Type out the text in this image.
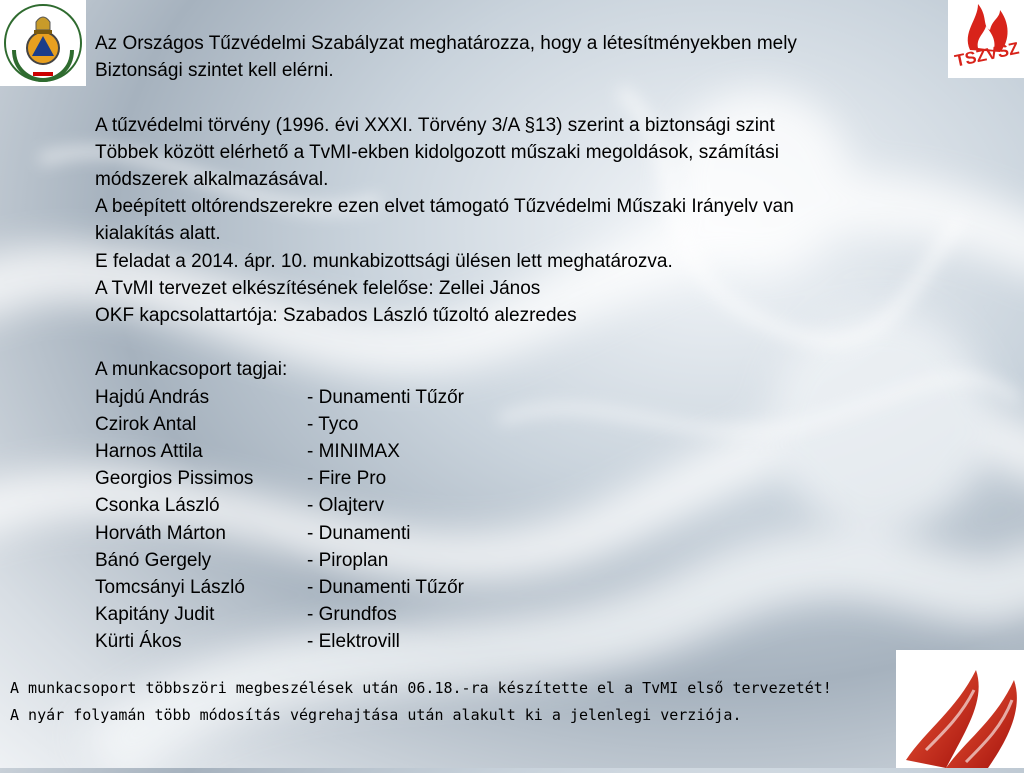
TSZVSZ

Az Országos Tűzvédelmi Szabályzat meghatározza, hogy a létesítményekben mely

Biztonsági szintet kell elérni.

A tűzvédelmi törvény (1996. évi XXXI. Törvény 3/A §13) szerint a biztonsági szint

Többek között elérhető a TvMI-ekben kidolgozott műszaki megoldások, számítási

módszerek alkalmazásával.

A beépített oltórendszerekre ezen elvet támogató Tűzvédelmi Műszaki Irányelv van

kialakítás alatt.

E feladat a 2014. ápr. 10. munkabizottsági ülésen lett meghatározva.

A TvMI tervezet elkészítésének felelőse: Zellei János

OKF kapcsolattartója: Szabados László tűzoltó alezredes

A munkacsoport tagjai:

Hajdú András	- Dunamenti Tűzőr
Czirok Antal	- Tyco
Harnos Attila	- MINIMAX
Georgios Pissimos	- Fire Pro
Csonka László	- Olajterv
Horváth Márton	- Dunamenti
Bánó Gergely	- Piroplan
Tomcsányi László	- Dunamenti Tűzőr
Kapitány Judit	- Grundfos
Kürti Ákos	- Elektrovill

A munkacsoport többszöri megbeszélések után 06.18.-ra készítette el a TvMI első tervezetét!

A nyár folyamán több módosítás végrehajtása után alakult ki a jelenlegi verziója.
